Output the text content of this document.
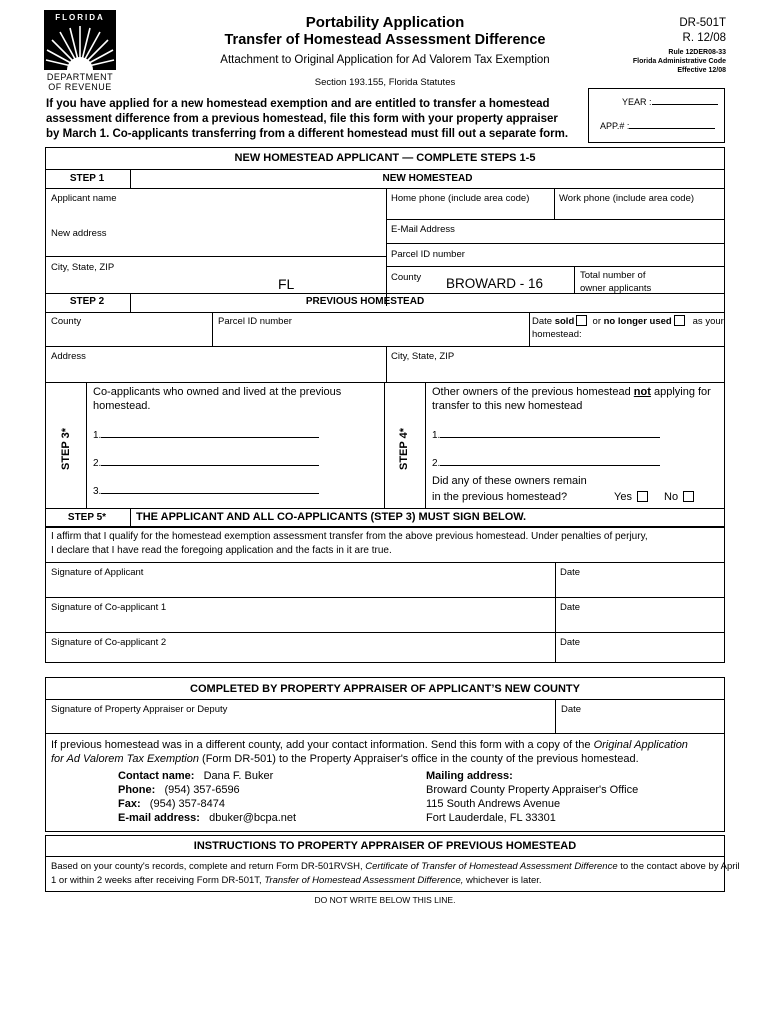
FLORIDA
DEPARTMENT
OF REVENUE
Portability Application
Transfer of Homestead Assessment Difference
Attachment to Original Application for Ad Valorem Tax Exemption
Section 193.155, Florida Statutes
DR-501T
R. 12/08
Rule 12DER08-33
Florida Administrative Code
Effective 12/08
If you have applied for a new homestead exemption and are entitled to transfer a homestead
assessment difference from a previous homestead, file this form with your property appraiser
by March 1. Co-applicants transferring from a different homestead must fill out a separate form.
YEAR :
APP.# :
NEW HOMESTEAD APPLICANT — COMPLETE STEPS 1-5
STEP 1	NEW HOMESTEAD
Applicant name	Home phone (include area code)	Work phone (include area code)
New address	E-Mail Address
Parcel ID number
City, State, ZIP
FL	County BROWARD - 16
Total number of
owner applicants
STEP 2	PREVIOUS HOMESTEAD
County	Parcel ID number	Date sold or no longer used as your
homestead:
Address	City, State, ZIP
STEP 3*
Co-applicants who owned and lived at the previous
homestead.
1.
2.
3.
STEP 4*
Other owners of the previous homestead not applying for
transfer to this new homestead
1.
2.
Did any of these owners remain
in the previous homestead?	Yes	No
STEP 5*	THE APPLICANT AND ALL CO-APPLICANTS (STEP 3) MUST SIGN BELOW.
I affirm that I qualify for the homestead exemption assessment transfer from the above previous homestead. Under penalties of perjury,
I declare that I have read the foregoing application and the facts in it are true.
Signature of Applicant	Date
Signature of Co-applicant 1	Date
Signature of Co-applicant 2	Date
COMPLETED BY PROPERTY APPRAISER OF APPLICANT’S NEW COUNTY
Signature of Property Appraiser or Deputy	Date
If previous homestead was in a different county, add your contact information. Send this form with a copy of the Original Application
for Ad Valorem Tax Exemption (Form DR-501) to the Property Appraiser's office in the county of the previous homestead.
Contact name: Dana F. Buker
Phone: (954) 357-6596
Fax: (954) 357-8474
E-mail address: dbuker@bcpa.net
Mailing address:
Broward County Property Appraiser's Office
115 South Andrews Avenue
Fort Lauderdale, FL 33301
INSTRUCTIONS TO PROPERTY APPRAISER OF PREVIOUS HOMESTEAD
Based on your county's records, complete and return Form DR-501RVSH, Certificate of Transfer of Homestead Assessment Difference to the contact above by April
1 or within 2 weeks after receiving Form DR-501T, Transfer of Homestead Assessment Difference, whichever is later.
DO NOT WRITE BELOW THIS LINE.
